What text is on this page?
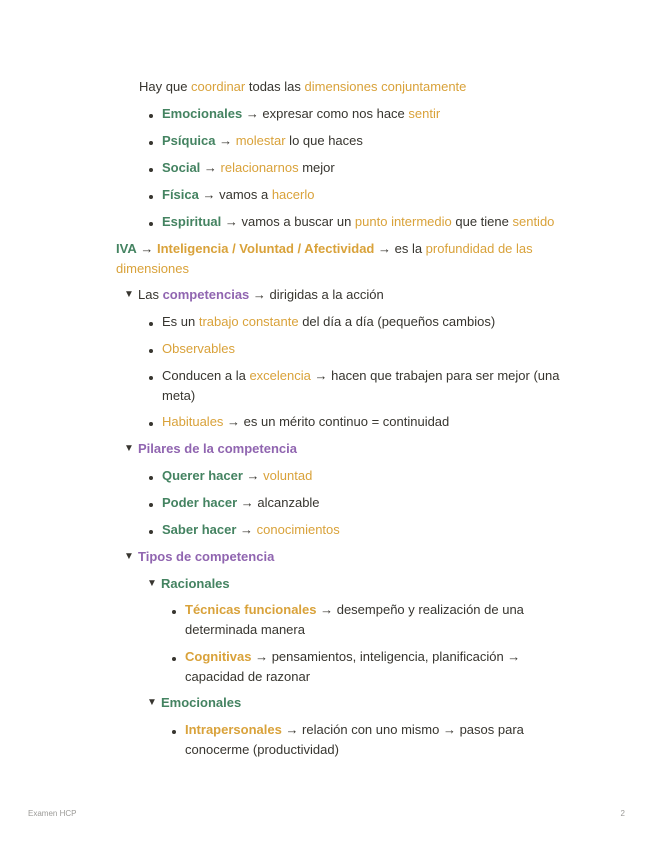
Hay que coordinar todas las dimensiones conjuntamente
Emocionales → expresar como nos hace sentir
Psíquica → molestar lo que haces
Social → relacionarnos mejor
Física → vamos a hacerlo
Espiritual → vamos a buscar un punto intermedio que tiene sentido
IVA → Inteligencia / Voluntad / Afectividad → es la profundidad de las dimensiones
▼ Las competencias → dirigidas a la acción
Es un trabajo constante del día a día (pequeños cambios)
Observables
Conducen a la excelencia → hacen que trabajen para ser mejor (una meta)
Habituales → es un mérito continuo = continuidad
▼ Pilares de la competencia
Querer hacer → voluntad
Poder hacer → alcanzable
Saber hacer → conocimientos
▼ Tipos de competencia
▼ Racionales
Técnicas funcionales → desempeño y realización de una determinada manera
Cognitivas → pensamientos, inteligencia, planificación → capacidad de razonar
▼ Emocionales
Intrapersonales → relación con uno mismo → pasos para conocerme (productividad)
Examen HCP	2
